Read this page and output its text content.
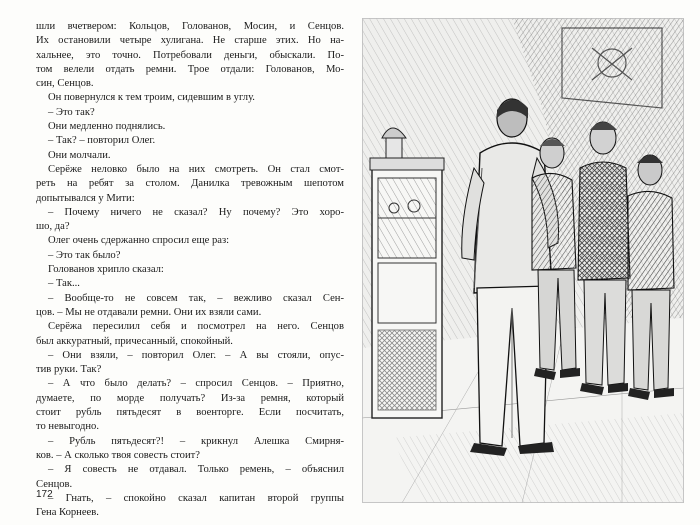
шли вчетвером: Кольцов, Голованов, Мосин, и Сенцов.
Их остановили четыре хулигана. Не старше этих. Но на-
хальнее, это точно. Потребовали деньги, обыскали. По-
том велели отдать ремни. Трое отдали: Голованов, Мо-
син, Сенцов.
Он повернулся к тем троим, сидевшим в углу.
– Это так?
Они медленно поднялись.
– Так? – повторил Олег.
Они молчали.
Серёже неловко было на них смотреть. Он стал смот-
реть на ребят за столом. Данилка тревожным шепотом
допытывался у Мити:
– Почему ничего не сказал? Ну почему? Это хоро-
шо, да?
Олег очень сдержанно спросил еще раз:
– Это так было?
Голованов хрипло сказал:
– Так...
– Вообще-то не совсем так, – вежливо сказал Сен-
цов. – Мы не отдавали ремни. Они их взяли сами.
Серёжа пересилил себя и посмотрел на него. Сенцов
был аккуратный, причесанный, спокойный.
– Они взяли, – повторил Олег. – А вы стояли, опус-
тив руки. Так?
– А что было делать? – спросил Сенцов. – Приятно,
думаете, по морде получать? Из-за ремня, который
стоит рубль пятьдесят в военторге. Если посчитать,
то невыгодно.
– Рубль пятьдесят?! – крикнул Алешка Смирня-
ков. – А сколько твоя совесть стоит?
– Я совесть не отдавал. Только ремень, – объяснил
Сенцов.
– Гнать, – спокойно сказал капитан второй группы
Гена Корнеев.
172
